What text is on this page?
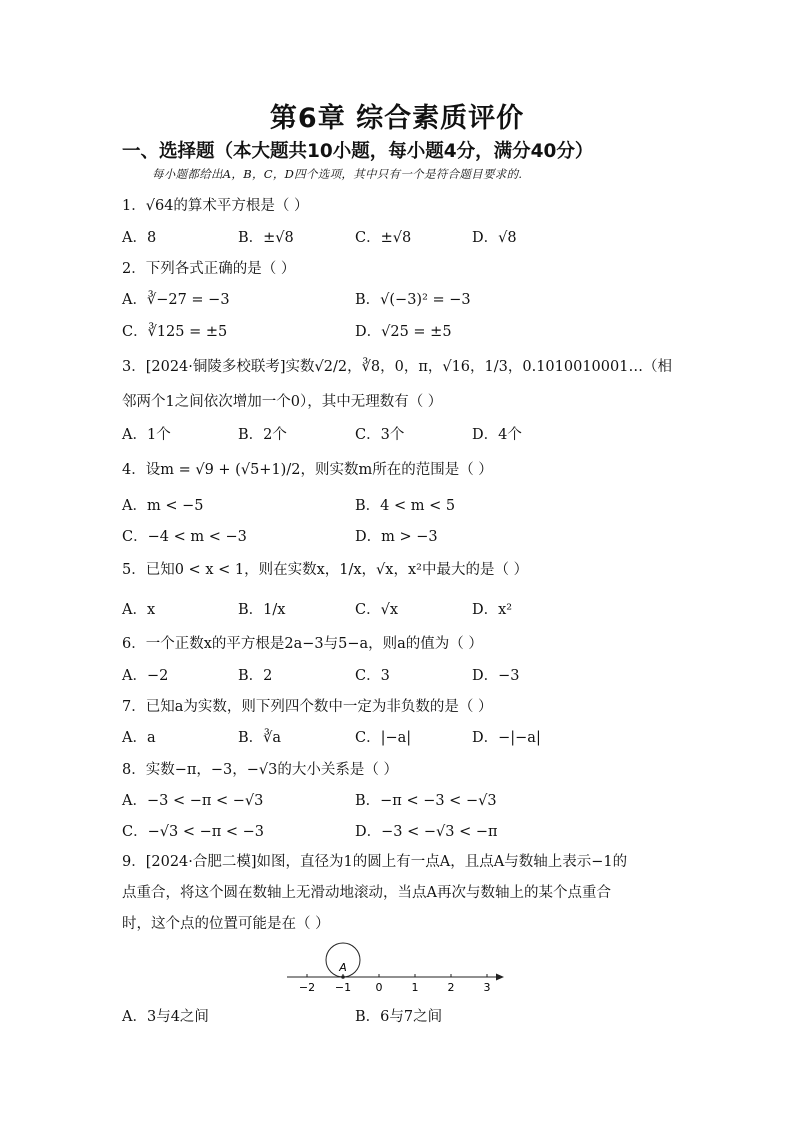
第6章 综合素质评价
一、选择题（本大题共10小题，每小题4分，满分40分）
每小题都给出A，B，C，D四个选项，其中只有一个是符合题目要求的.
1．√64的算术平方根是（ ）
A．8	B．±√8	C．±√8	D．√8
2．下列各式正确的是（ ）
A．∛−27 = −3	B．√(−3)² = −3
C．∛125 = ±5	D．√25 = ±5
3．[2024·铜陵多校联考]实数√2/2，∛8，0，π，√16，1/3，0.1010010001…（相
邻两个1之间依次增加一个0），其中无理数有（ ）
A．1个	B．2个	C．3个	D．4个
4．设m = √9 + (√5+1)/2，则实数m所在的范围是（ ）
A．m < −5	B．4 < m < 5
C．−4 < m < −3	D．m > −3
5．已知0 < x < 1，则在实数x，1/x，√x，x²中最大的是（ ）
A．x	B．1/x	C．√x	D．x²
6．一个正数x的平方根是2a−3与5−a，则a的值为（ ）
A．−2	B．2	C．3	D．−3
7．已知a为实数，则下列四个数中一定为非负数的是（ ）
A．a	B．∛a	C．|−a|	D．−|−a|
8．实数−π，−3，−√3的大小关系是（ ）
A．−3 < −π < −√3	B．−π < −3 < −√3
C．−√3 < −π < −3	D．−3 < −√3 < −π
9．[2024·合肥二模]如图，直径为1的圆上有一点A，且点A与数轴上表示−1的
点重合，将这个圆在数轴上无滑动地滚动，当点A再次与数轴上的某个点重合
时，这个点的位置可能是在（ ）
A
−2 −1 0	1	2	3
A．3与4之间	B．6与7之间
